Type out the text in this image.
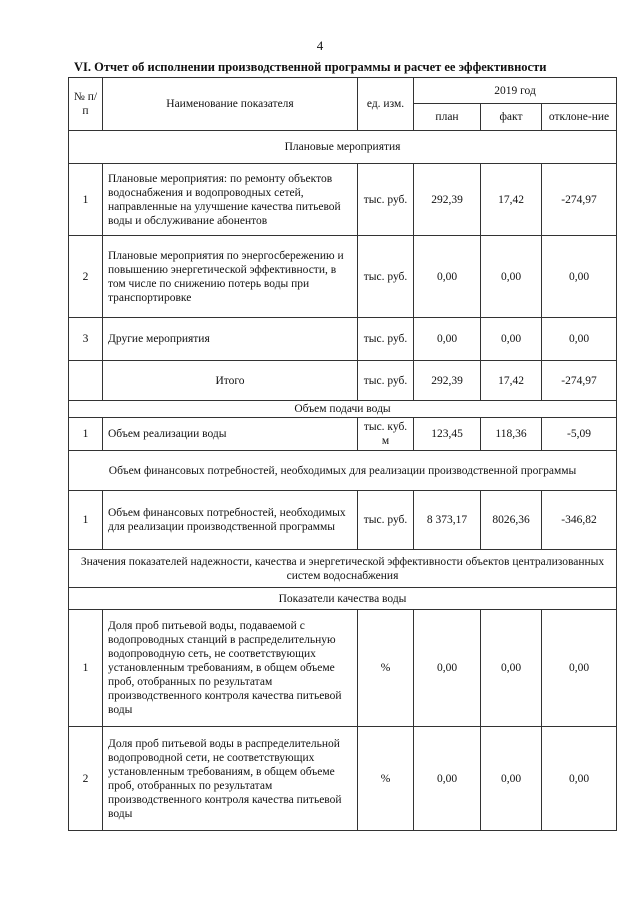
4
VI. Отчет об исполнении производственной программы и расчет ее эффективности
№ п/п	Наименование показателя	ед. изм.	2019 год		
			план	факт	отклоне-ние
Плановые мероприятия					
1	Плановые мероприятия: по ремонту объектов водоснабжения и водопроводных сетей, направленные на улучшение качества питьевой воды и обслуживание абонентов	тыс. руб.	292,39	17,42	-274,97
2	Плановые мероприятия по энергосбережению и повышению энергетической эффективности, в том числе по снижению потерь воды при транспортировке	тыс. руб.	0,00	0,00	0,00
3	Другие мероприятия	тыс. руб.	0,00	0,00	0,00
	Итого	тыс. руб.	292,39	17,42	-274,97
Объем подачи воды					
1	Объем реализации воды	тыс. куб. м	123,45	118,36	-5,09
Объем финансовых потребностей, необходимых для реализации производственной программы					
1	Объем финансовых потребностей, необходимых для реализации производственной программы	тыс. руб.	8 373,17	8026,36	-346,82
Значения показателей надежности, качества и энергетической эффективности объектов централизованных систем водоснабжения					
Показатели качества воды					
1	Доля проб питьевой воды, подаваемой с водопроводных станций в распределительную водопроводную сеть, не соответствующих установленным требованиям, в общем объеме проб, отобранных по результатам производственного контроля качества питьевой воды	%	0,00	0,00	0,00
2	Доля проб питьевой воды в распределительной водопроводной сети, не соответствующих установленным требованиям, в общем объеме проб, отобранных по результатам производственного контроля качества питьевой воды	%	0,00	0,00	0,00
